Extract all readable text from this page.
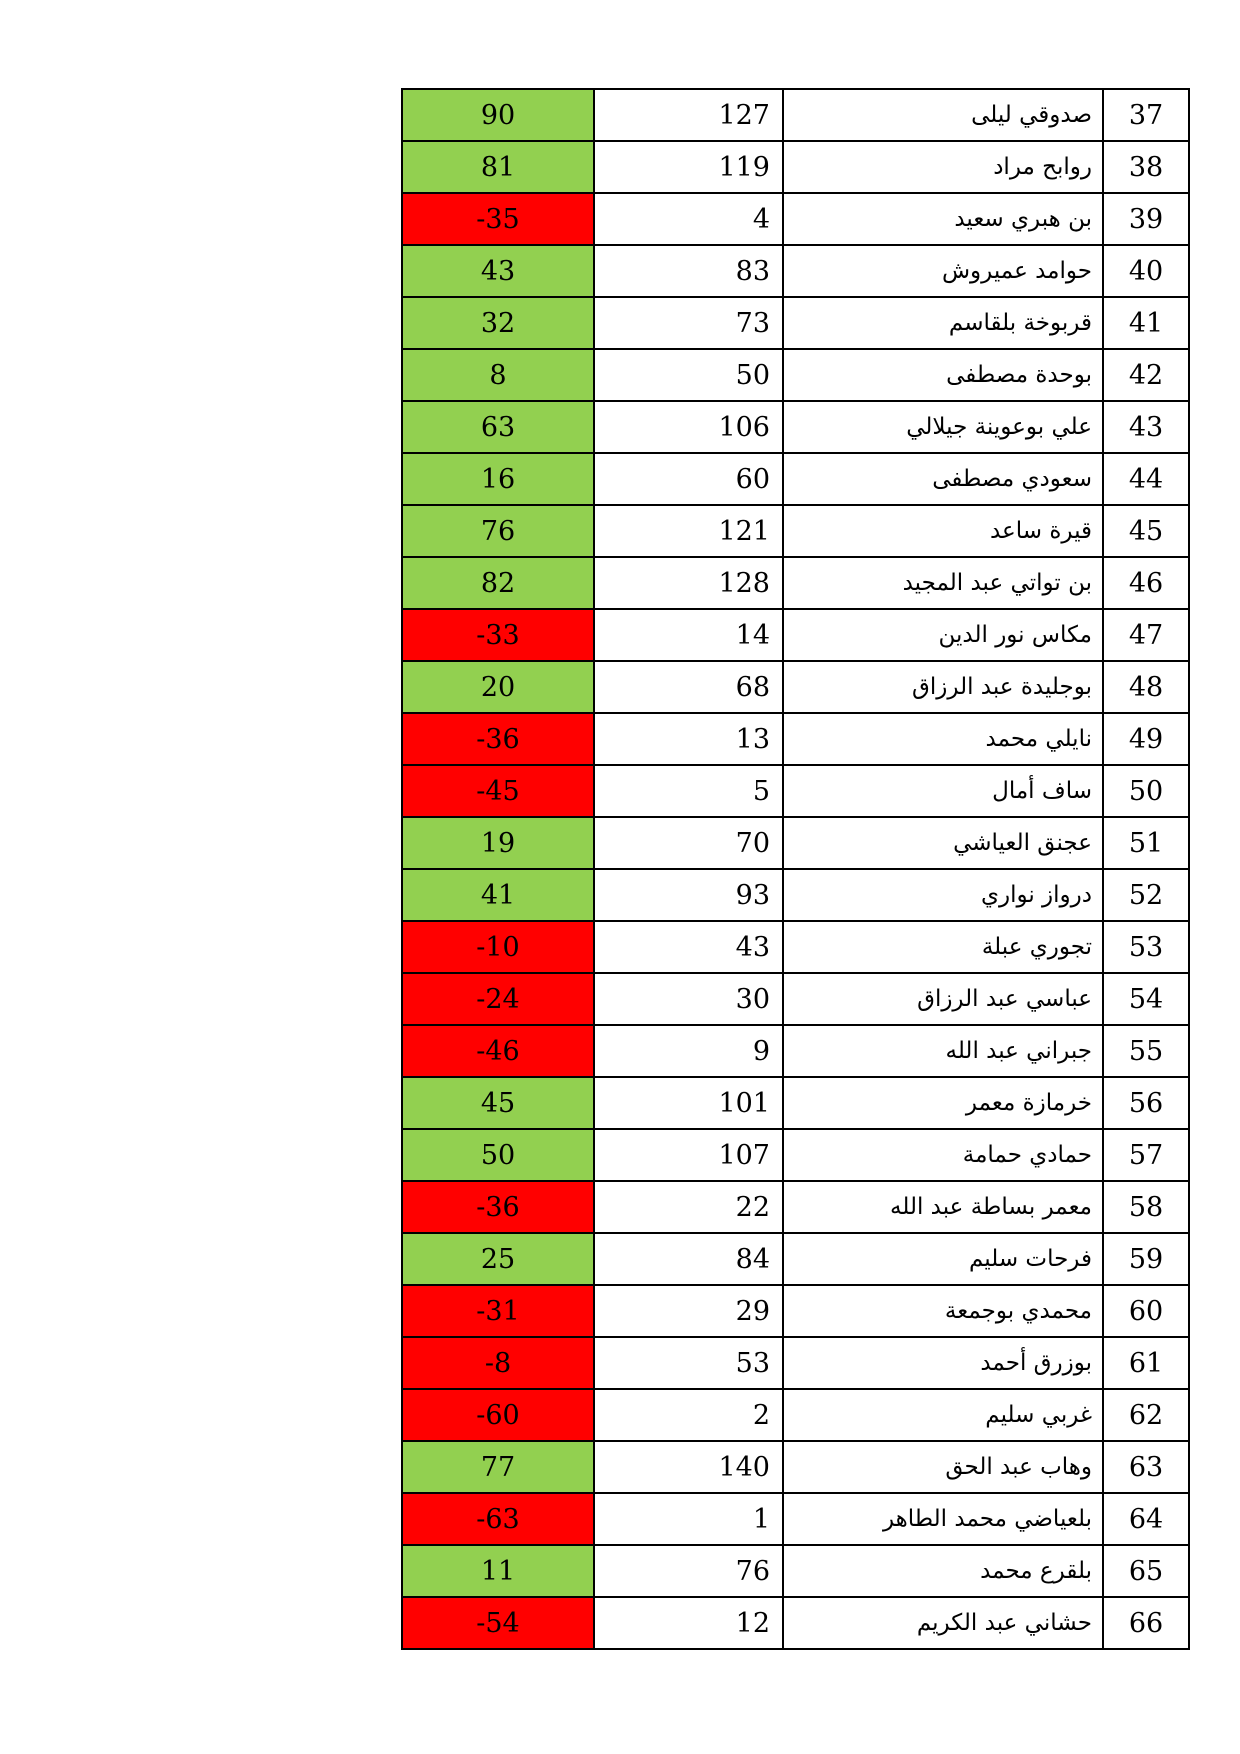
90	127	صدوقي ليلى	37
81	119	روابح مراد	38
-35	4	بن هبري سعيد	39
43	83	حوامد عميروش	40
32	73	قربوخة بلقاسم	41
8	50	بوحدة مصطفى	42
63	106	علي بوعوينة جيلالي	43
16	60	سعودي مصطفى	44
76	121	قيرة ساعد	45
82	128	بن تواتي عبد المجيد	46
-33	14	مكاس نور الدين	47
20	68	بوجليدة عبد الرزاق	48
-36	13	نايلي محمد	49
-45	5	ساف أمال	50
19	70	عجنق العياشي	51
41	93	درواز نواري	52
-10	43	تجوري عبلة	53
-24	30	عباسي عبد الرزاق	54
-46	9	جبراني عبد الله	55
45	101	خرمازة معمر	56
50	107	حمادي حمامة	57
-36	22	معمر بساطة عبد الله	58
25	84	فرحات سليم	59
-31	29	محمدي بوجمعة	60
-8	53	بوزرق أحمد	61
-60	2	غربي سليم	62
77	140	وهاب عبد الحق	63
-63	1	بلعياضي محمد الطاهر	64
11	76	بلقرع محمد	65
-54	12	حشاني عبد الكريم	66
